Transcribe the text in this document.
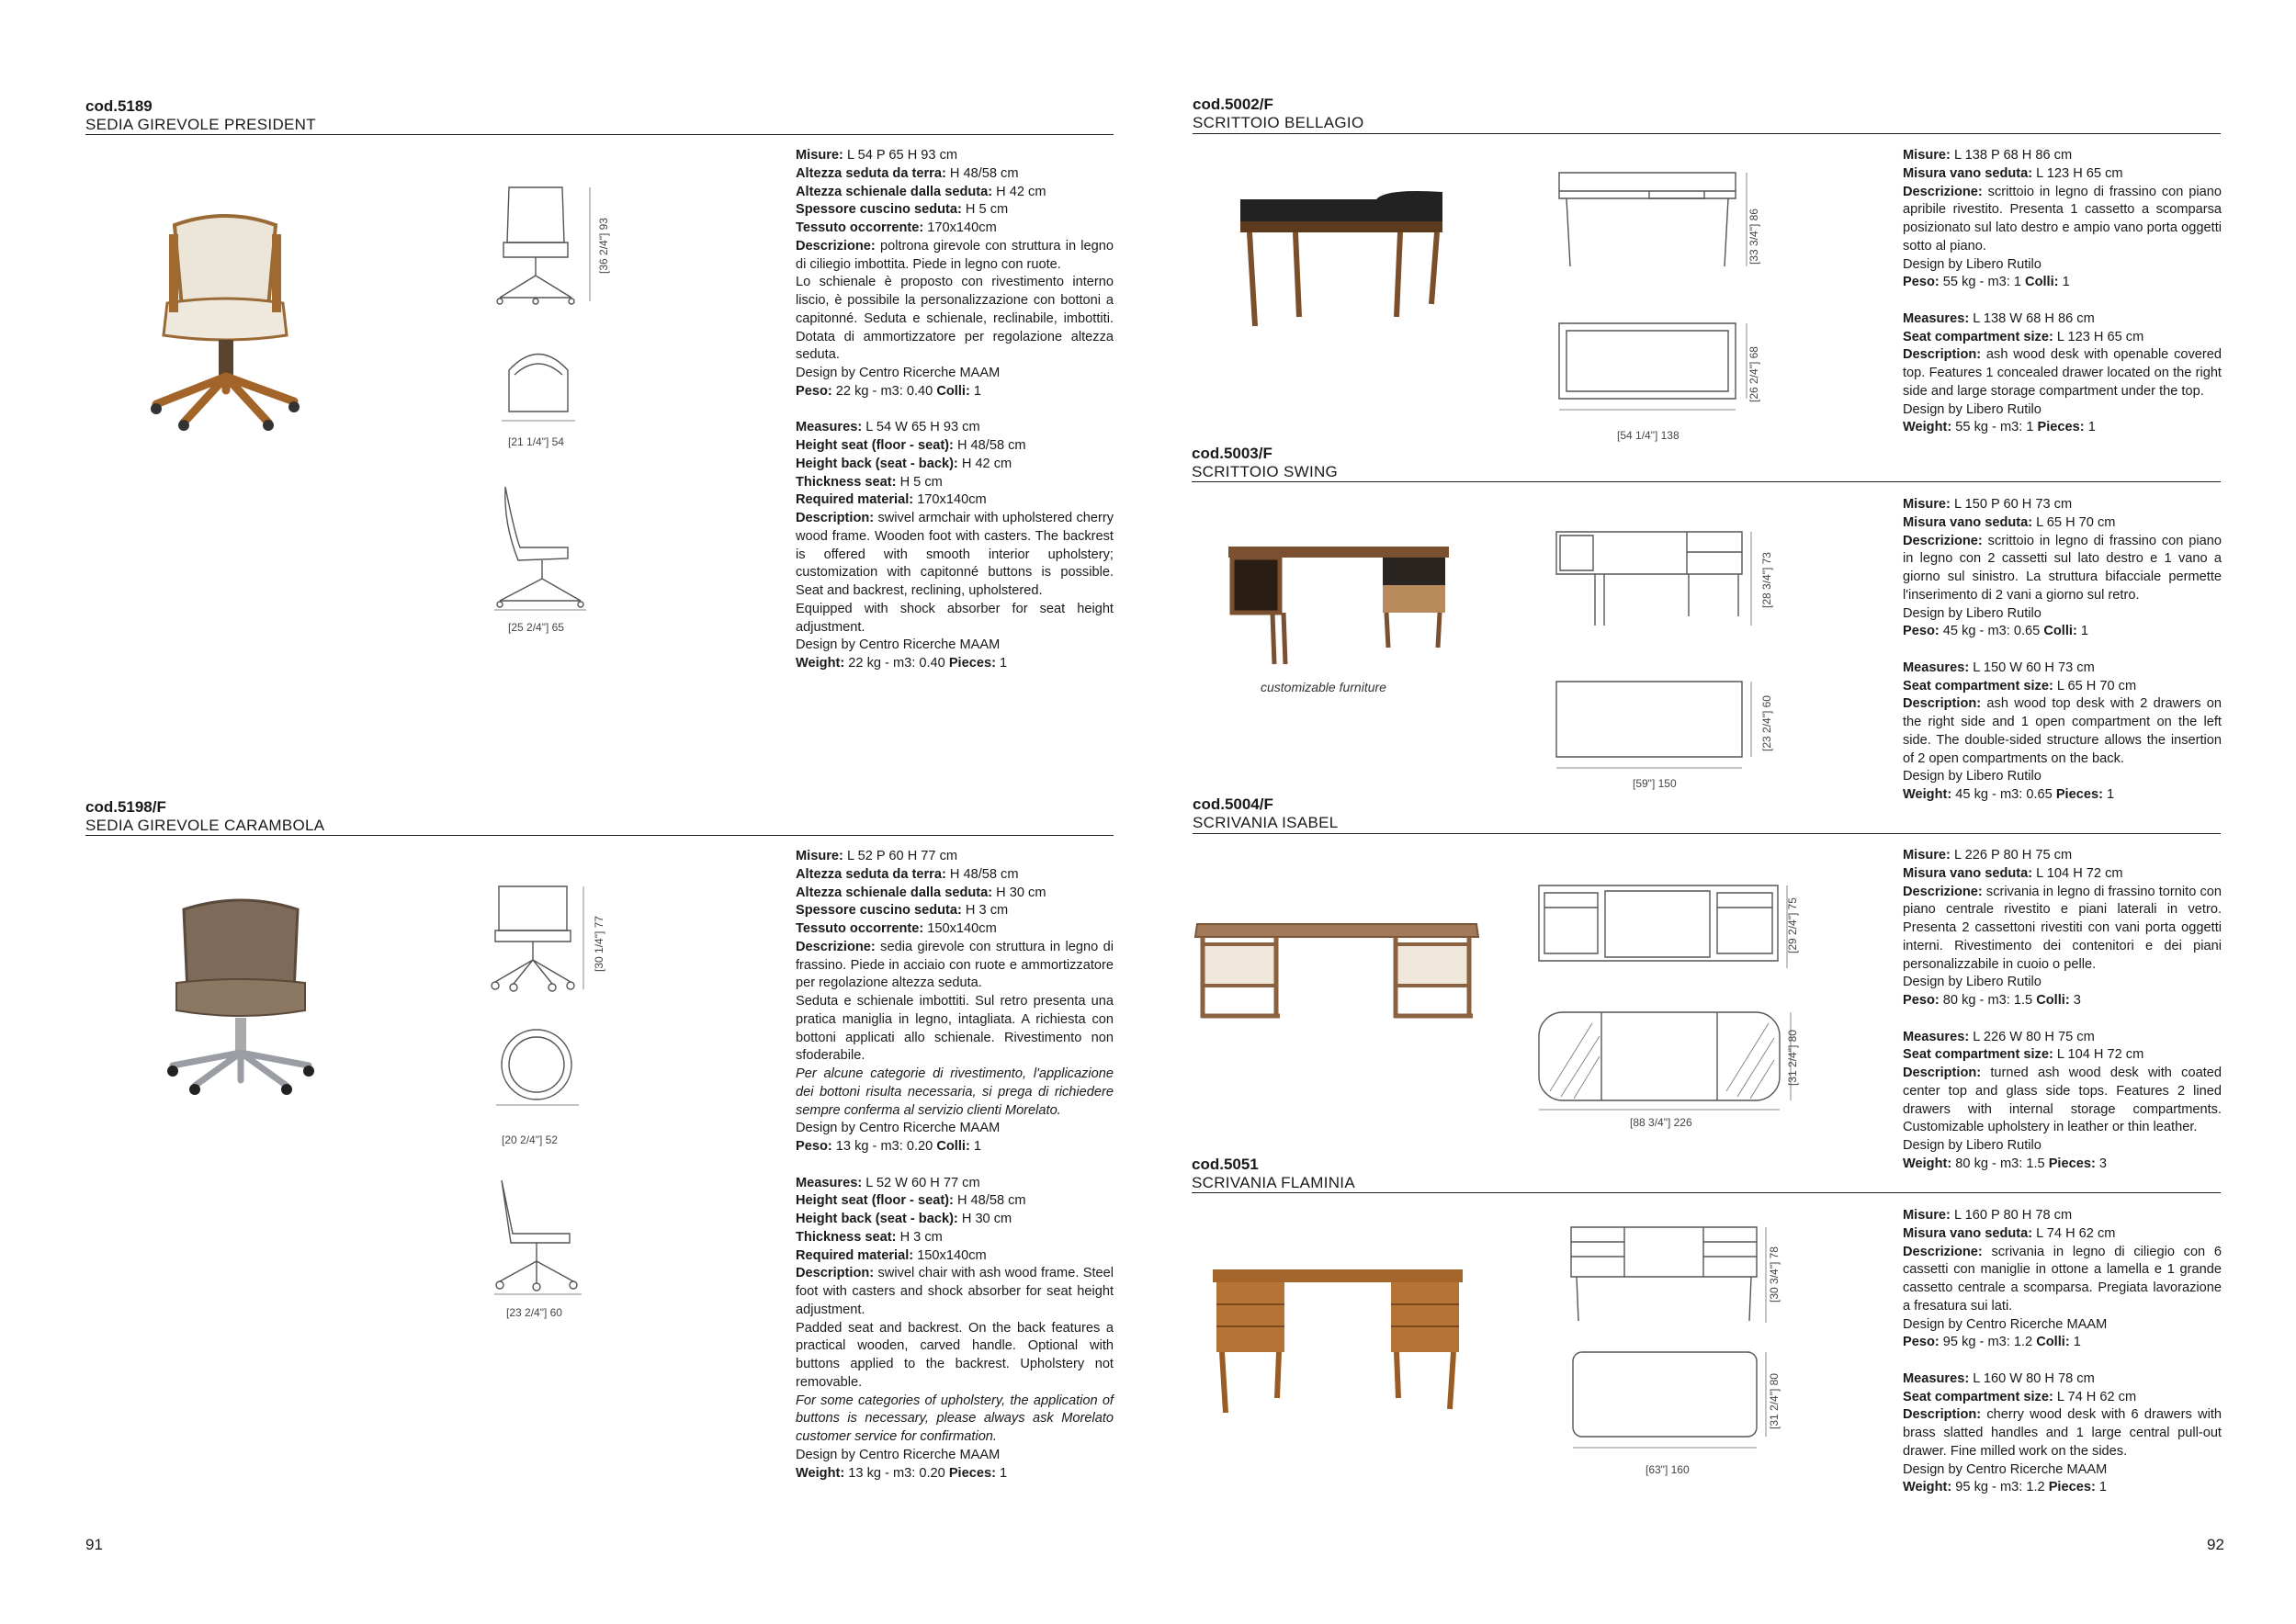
cod.5189
SEDIA GIREVOLE PRESIDENT
cod.5198/F
SEDIA GIREVOLE CARAMBOLA
cod.5002/F
SCRITTOIO BELLAGIO
cod.5003/F
SCRITTOIO SWING
cod.5004/F
SCRIVANIA ISABEL
cod.5051
SCRIVANIA FLAMINIA

Misure: L 54 P 65 H 93 cm

Altezza seduta da terra: H 48/58 cm

Altezza schienale dalla seduta: H 42 cm

Spessore cuscino seduta: H 5 cm

Tessuto occorrente: 170x140cm

Descrizione: poltrona girevole con struttura in legno di ciliegio imbottita. Piede in legno con ruote.

Lo schienale è proposto con rivestimento interno liscio, è possibile la personalizzazione con bottoni a capitonné. Seduta e schienale, reclinabile, imbottiti. Dotata di ammortizzatore per regolazione altezza seduta.

Design by Centro Ricerche MAAM

Peso: 22 kg - m3: 0.40 Colli: 1

Measures: L 54 W 65 H 93 cm

Height seat (floor - seat): H 48/58 cm

Height back (seat - back): H 42 cm

Thickness seat: H 5 cm

Required material: 170x140cm

Description: swivel armchair with upholstered cherry wood frame. Wooden foot with casters. The backrest is offered with smooth interior upholstery; customization with capitonné buttons is possible. Seat and backrest, reclining, upholstered.

Equipped with shock absorber for seat height adjustment.

Design by Centro Ricerche MAAM

Weight: 22 kg - m3: 0.40 Pieces: 1

Misure: L 52 P 60 H 77 cm

Altezza seduta da terra: H 48/58 cm

Altezza schienale dalla seduta: H 30 cm

Spessore cuscino seduta: H 3 cm

Tessuto occorrente: 150x140cm

Descrizione: sedia girevole con struttura in legno di frassino. Piede in acciaio con ruote e ammortizzatore per regolazione altezza seduta.

Seduta e schienale imbottiti. Sul retro presenta una pratica maniglia in legno, intagliata. A richiesta con bottoni applicati allo schienale. Rivestimento non sfoderabile.

Per alcune categorie di rivestimento, l'applicazione dei bottoni risulta necessaria, si prega di richiedere sempre conferma al servizio clienti Morelato.

Design by Centro Ricerche MAAM

Peso: 13 kg - m3: 0.20 Colli: 1

Measures: L 52 W 60 H 77 cm

Height seat (floor - seat): H 48/58 cm

Height back (seat - back): H 30 cm

Thickness seat: H 3 cm

Required material: 150x140cm

Description: swivel chair with ash wood frame. Steel foot with casters and shock absorber for seat height adjustment.

Padded seat and backrest. On the back features a practical wooden, carved handle. Optional with buttons applied to the backrest. Upholstery not removable.

For some categories of upholstery, the application of buttons is necessary, please always ask Morelato customer service for confirmation.

Design by Centro Ricerche MAAM

Weight: 13 kg - m3: 0.20 Pieces: 1

Misure: L 138 P 68 H 86 cm

Misura vano seduta: L 123 H 65 cm

Descrizione: scrittoio in legno di frassino con piano apribile rivestito. Presenta 1 cassetto a scomparsa posizionato sul lato destro e ampio vano porta oggetti sotto al piano.

Design by Libero Rutilo

Peso: 55 kg - m3: 1 Colli: 1

Measures: L 138 W 68 H 86 cm

Seat compartment size: L 123 H 65 cm

Description: ash wood desk with openable covered top. Features 1 concealed drawer located on the right side and large storage compartment under the top.

Design by Libero Rutilo

Weight: 55 kg - m3: 1 Pieces: 1

Misure: L 150 P 60 H 73 cm

Misura vano seduta: L 65 H 70 cm

Descrizione: scrittoio in legno di frassino con piano in legno con 2 cassetti sul lato destro e 1 vano a giorno sul sinistro. La struttura bifacciale permette l'inserimento di 2 vani a giorno sul retro.

Design by Libero Rutilo

Peso: 45 kg - m3: 0.65 Colli: 1

Measures: L 150 W 60 H 73 cm

Seat compartment size: L 65 H 70 cm

Description: ash wood top desk with 2 drawers on the right side and 1 open compartment on the left side. The double-sided structure allows the insertion of 2 open compartments on the back.

Design by Libero Rutilo

Weight: 45 kg - m3: 0.65 Pieces: 1

Misure: L 226 P 80 H 75 cm

Misura vano seduta: L 104 H 72 cm

Descrizione: scrivania in legno di frassino tornito con piano centrale rivestito e piani laterali in vetro. Presenta 2 cassettoni rivestiti con vani porta oggetti interni. Rivestimento dei contenitori e dei piani personalizzabile in cuoio o pelle.

Design by Libero Rutilo

Peso: 80 kg - m3: 1.5 Colli: 3

Measures: L 226 W 80 H 75 cm

Seat compartment size: L 104 H 72 cm

Description: turned ash wood desk with coated center top and glass side tops. Features 2 lined drawers with internal storage compartments. Customizable upholstery in leather or thin leather.

Design by Libero Rutilo

Weight: 80 kg - m3: 1.5 Pieces: 3

Misure: L 160 P 80 H 78 cm

Misura vano seduta: L 74 H 62 cm

Descrizione: scrivania in legno di ciliegio con 6 cassetti con maniglie in ottone a lamella e 1 grande cassetto centrale a scomparsa. Pregiata lavorazione a fresatura sui lati.

Design by Centro Ricerche MAAM

Peso: 95 kg - m3: 1.2 Colli: 1

Measures: L 160 W 80 H 78 cm

Seat compartment size: L 74 H 62 cm

Description: cherry wood desk with 6 drawers with brass slatted handles and 1 large central pull-out drawer. Fine milled work on the sides.

Design by Centro Ricerche MAAM

Weight: 95 kg - m3: 1.2 Pieces: 1

91	92
customizable furniture
[36 2/4"] 93
[21 1/4"] 54
[25 2/4"] 65
[30 1/4"] 77
[20 2/4"] 52
[23 2/4"] 60
[33 3/4"] 86
[26 2/4"] 68
[54 1/4"] 138
[28 3/4"] 73
[23 2/4"] 60
[59"] 150
[29 2/4"] 75
[31 2/4"] 80
[88 3/4"] 226
[30 3/4"] 78
[31 2/4"] 80
[63"] 160
